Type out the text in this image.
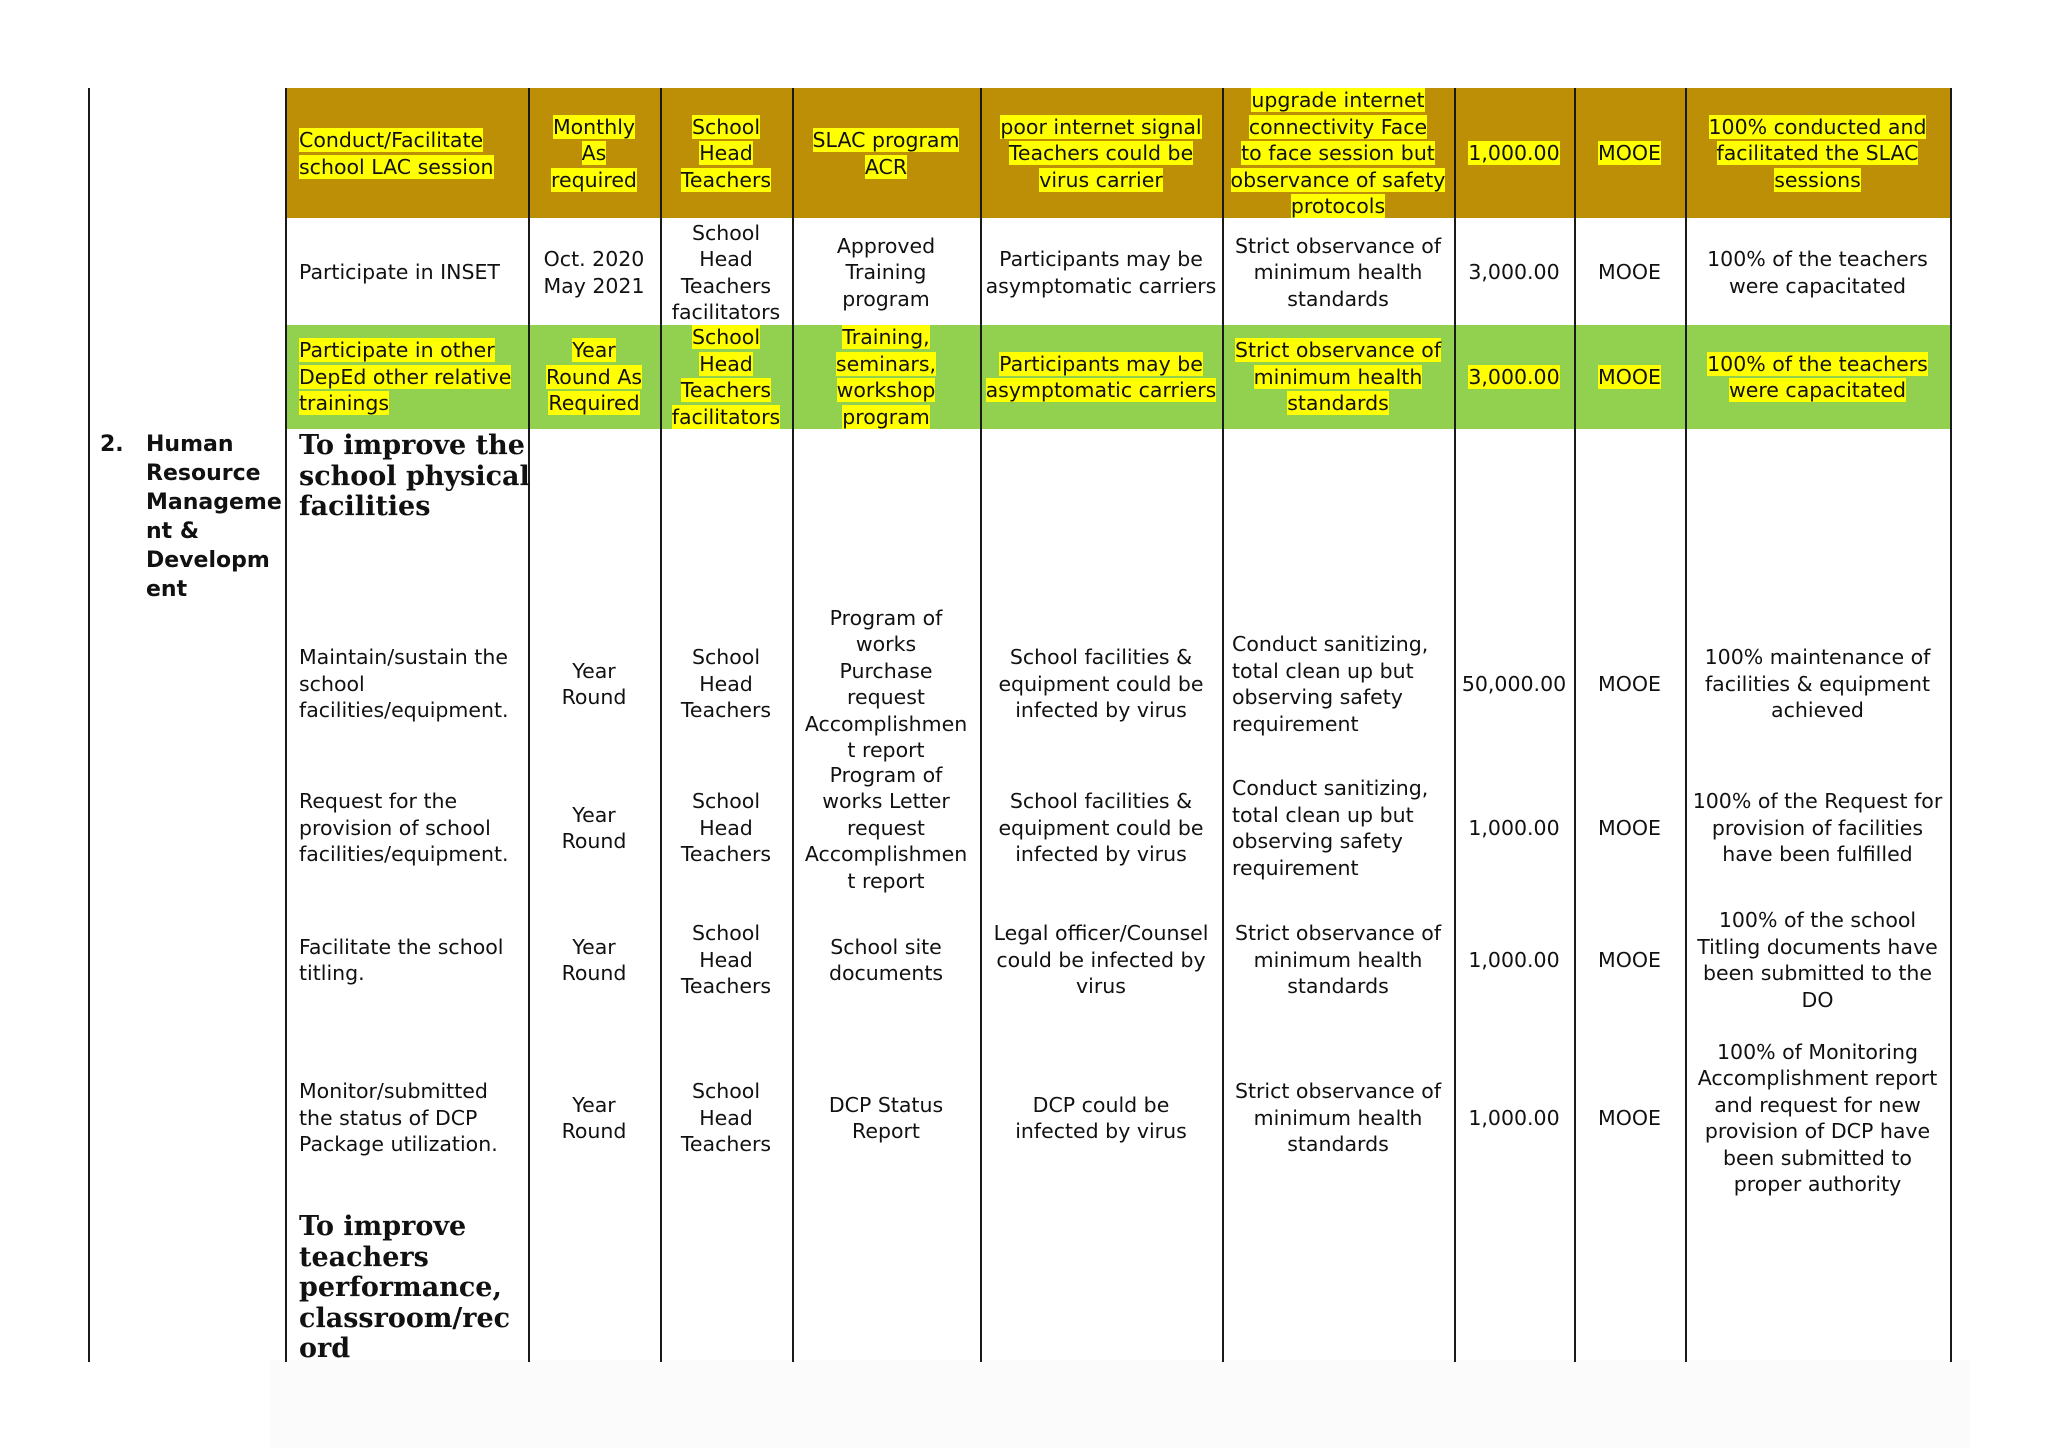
2. Human
Resource
Manageme
nt &
Developm
ent
To improve the
school physical
facilities
To improve
teachers
performance,
classroom/rec
ord
Conduct/Facilitate
school LAC session
Monthly
As
required
School
Head
Teachers
SLAC program
ACR
poor internet signal
Teachers could be
virus carrier
upgrade internet
connectivity Face
to face session but
observance of safety
protocols
1,000.00 MOOE
100% conducted and
facilitated the SLAC
sessions
Participate in INSET
Oct. 2020
May 2021
School
Head
Teachers
facilitators
Approved
Training
program
Participants may be
asymptomatic carriers
Strict observance of
minimum health
standards
3,000.00 MOOE
100% of the teachers
were capacitated
Participate in other
DepEd other relative
trainings
Year
Round As
Required
School
Head
Teachers
facilitators
Training,
seminars,
workshop
program
Participants may be
asymptomatic carriers
Strict observance of
minimum health
standards
3,000.00 MOOE
100% of the teachers
were capacitated
Maintain/sustain the
school
facilities/equipment.
Year
Round
School
Head
Teachers
Program of
works
Purchase
request
Accomplishmen
t report
School facilities &
equipment could be
infected by virus
Conduct sanitizing,
total clean up but
observing safety
requirement
50,000.00 MOOE
100% maintenance of
facilities & equipment
achieved
Request for the
provision of school
facilities/equipment.
Year
Round
School
Head
Teachers
Program of
works Letter
request
Accomplishmen
t report
School facilities &
equipment could be
infected by virus
Conduct sanitizing,
total clean up but
observing safety
requirement
1,000.00 MOOE
100% of the Request for
provision of facilities
have been fulfilled
Facilitate the school
titling.
Year
Round
School
Head
Teachers
School site
documents
Legal officer/Counsel
could be infected by
virus
Strict observance of
minimum health
standards
1,000.00 MOOE
100% of the school
Titling documents have
been submitted to the
DO
Monitor/submitted
the status of DCP
Package utilization.
Year
Round
School
Head
Teachers
DCP Status
Report
DCP could be
infected by virus
Strict observance of
minimum health
standards
1,000.00 MOOE
100% of Monitoring
Accomplishment report
and request for new
provision of DCP have
been submitted to
proper authority
